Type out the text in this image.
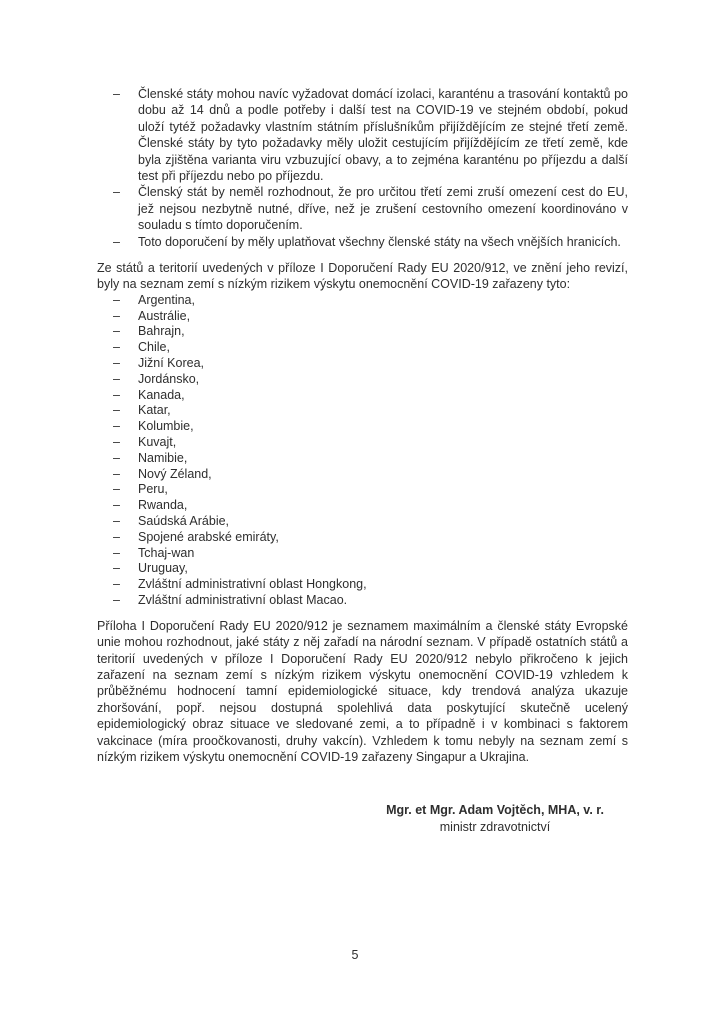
–	Členské státy mohou navíc vyžadovat domácí izolaci, karanténu a trasování kontaktů po dobu až 14 dnů a podle potřeby i další test na COVID-19 ve stejném období, pokud uloží tytéž požadavky vlastním státním příslušníkům přijíždějícím ze stejné třetí země. Členské státy by tyto požadavky měly uložit cestujícím přijíždějícím ze třetí země, kde byla zjištěna varianta viru vzbuzující obavy, a to zejména karanténu po příjezdu a další test při příjezdu nebo po příjezdu.
–	Členský stát by neměl rozhodnout, že pro určitou třetí zemi zruší omezení cest do EU, jež nejsou nezbytně nutné, dříve, než je zrušení cestovního omezení koordinováno v souladu s tímto doporučením.
–	Toto doporučení by měly uplatňovat všechny členské státy na všech vnějších hranicích.
Ze států a teritorií uvedených v příloze I Doporučení Rady EU 2020/912, ve znění jeho revizí, byly na seznam zemí s nízkým rizikem výskytu onemocnění COVID-19 zařazeny tyto:
–	Argentina,
–	Austrálie,
–	Bahrajn,
–	Chile,
–	Jižní Korea,
–	Jordánsko,
–	Kanada,
–	Katar,
–	Kolumbie,
–	Kuvajt,
–	Namibie,
–	Nový Zéland,
–	Peru,
–	Rwanda,
–	Saúdská Arábie,
–	Spojené arabské emiráty,
–	Tchaj-wan
–	Uruguay,
–	Zvláštní administrativní oblast Hongkong,
–	Zvláštní administrativní oblast Macao.
Příloha I Doporučení Rady EU 2020/912 je seznamem maximálním a členské státy Evropské unie mohou rozhodnout, jaké státy z něj zařadí na národní seznam. V případě ostatních států a teritorií uvedených v příloze I Doporučení Rady EU 2020/912 nebylo přikročeno k jejich zařazení na seznam zemí s nízkým rizikem výskytu onemocnění COVID-19 vzhledem k průběžnému hodnocení tamní epidemiologické situace, kdy trendová analýza ukazuje zhoršování, popř. nejsou dostupná spolehlivá data poskytující skutečně ucelený epidemiologický obraz situace ve sledované zemi, a to případně i v kombinaci s faktorem vakcinace (míra proočkovanosti, druhy vakcín). Vzhledem k tomu nebyly na seznam zemí s nízkým rizikem výskytu onemocnění COVID-19 zařazeny Singapur a Ukrajina.
Mgr. et Mgr. Adam Vojtěch, MHA, v. r.
ministr zdravotnictví
5
